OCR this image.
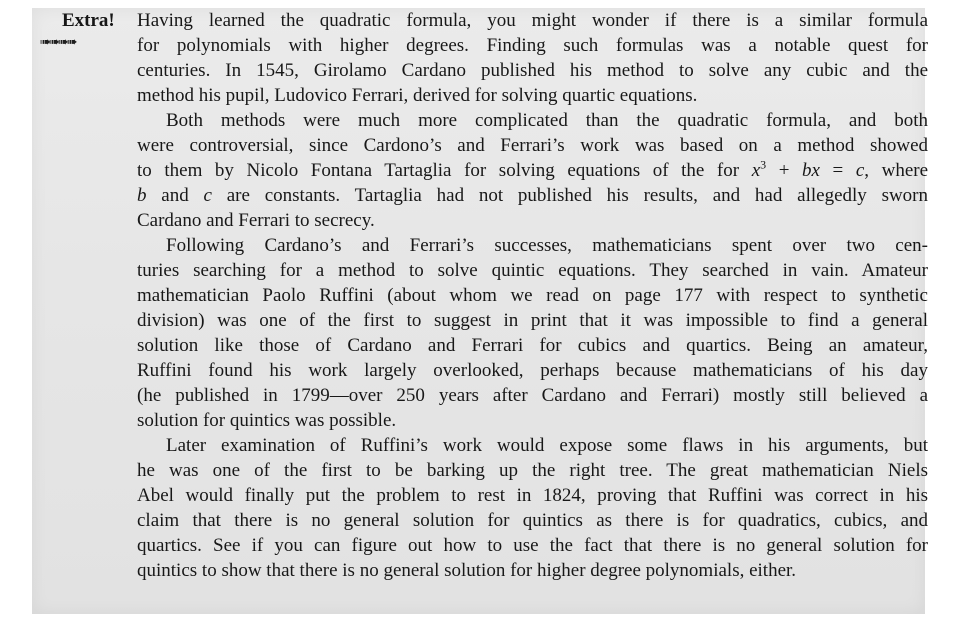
Extra!
➠➠➠➠
Having learned the quadratic formula, you might wonder if there is a similar formula
for polynomials with higher degrees. Finding such formulas was a notable quest for
centuries. In 1545, Girolamo Cardano published his method to solve any cubic and the
method his pupil, Ludovico Ferrari, derived for solving quartic equations.
Both methods were much more complicated than the quadratic formula, and both
were controversial, since Cardono’s and Ferrari’s work was based on a method showed
to them by Nicolo Fontana Tartaglia for solving equations of the for $x^3$ + bx = c, where
b and c are constants. Tartaglia had not published his results, and had allegedly sworn
Cardano and Ferrari to secrecy.
Following Cardano’s and Ferrari’s successes, mathematicians spent over two cen-
turies searching for a method to solve quintic equations. They searched in vain. Amateur
mathematician Paolo Ruffini (about whom we read on page 177 with respect to synthetic
division) was one of the first to suggest in print that it was impossible to find a general
solution like those of Cardano and Ferrari for cubics and quartics. Being an amateur,
Ruffini found his work largely overlooked, perhaps because mathematicians of his day
(he published in 1799—over 250 years after Cardano and Ferrari) mostly still believed a
solution for quintics was possible.
Later examination of Ruffini’s work would expose some flaws in his arguments, but
he was one of the first to be barking up the right tree. The great mathematician Niels
Abel would finally put the problem to rest in 1824, proving that Ruffini was correct in his
claim that there is no general solution for quintics as there is for quadratics, cubics, and
quartics. See if you can figure out how to use the fact that there is no general solution for
quintics to show that there is no general solution for higher degree polynomials, either.
